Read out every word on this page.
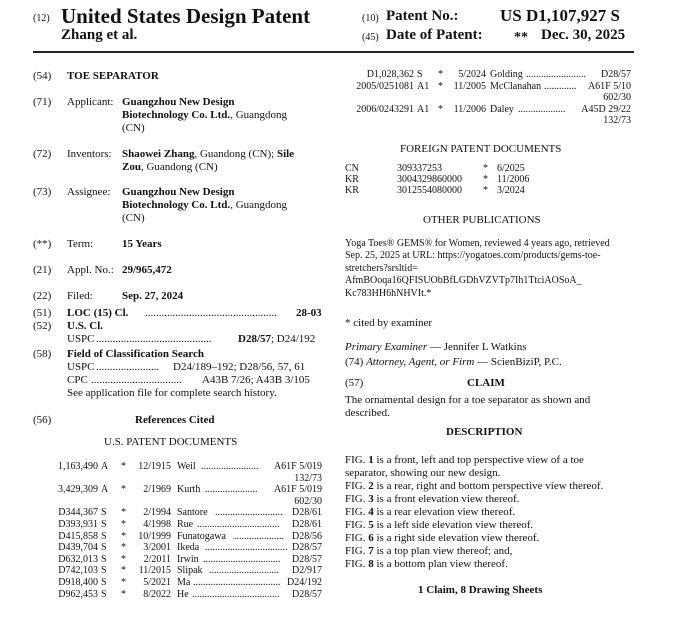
(12) United States Design Patent
Zhang et al.
(10) Patent No.: US D1,107,927 S
(45) Date of Patent: ** Dec. 30, 2025
(54) TOE SEPARATOR
(71) Applicant: Guangzhou New Design
Biotechnology Co. Ltd., Guangdong
(CN)
(72) Inventors: Shaowei Zhang, Guandong (CN); Sile
Zou, Guandong (CN)
(73) Assignee: Guangzhou New Design
Biotechnology Co. Ltd., Guangdong
(CN)
(**) Term:	15 Years
(21) Appl. No.: 29/965,472
(22) Filed:	Sep. 27, 2024
(51) LOC (15) Cl. ................................................	28-03
(52) U.S. Cl.
USPC ..........................................	D28/57; D24/192
(58) Field of Classification Search
USPC .......................	D24/189–192; D28/56, 57, 61
CPC .................................	A43B 7/26; A43B 3/105
See application file for complete search history.
(56)	References Cited
U.S. PATENT DOCUMENTS
1,163,490 A * 12/1915 Weil	A61F 5/019
.......................
132/73
3,429,309 A * 2/1969 Kurth	A61F 5/019
.....................
602/30
D344,367 S * 2/1994 Santore	D28/61
...........................
D393,931 S * 4/1998 Rue	D28/61
.................................
D415,858 S * 10/1999 Funatogawa	D28/56
....................
D439,704 S * 3/2001 Ikeda	D28/57
.................................
D632,013 S * 2/2011 Irwin	D28/57
...............................
D742,103 S * 11/2015 Slipak	D2/917
............................
D918,400 S * 5/2021 Ma	D24/192
...................................
D962,453 S * 8/2022 He	D28/57
...................................
D1,028,362 S * 5/2024 Golding	D28/57
........................
2005/0251081 A1 * 11/2005 McClanahan	A61F 5/10
.............
602/30
2006/0243291 A1 * 11/2006 Daley	A45D 29/22
...................
132/73
FOREIGN PATENT DOCUMENTS
CN	309337253	* 6/2025
KR	3004329860000 * 11/2006
KR	3012554080000 * 3/2024
OTHER PUBLICATIONS
Yoga Toes® GEMS® for Women, reviewed 4 years ago, retrieved
Sep. 25, 2025 at URL: https://yogatoes.com/products/gems-toe-
stretchers?srsltid=
AfmBOoqa16QFISUObBfLGDhVZVTp7Ih1TtciAOSoA_
Kc783HH6hNHVIt.*
* cited by examiner
Primary Examiner — Jennifer L Watkins
(74) Attorney, Agent, or Firm — ScienBiziP, P.C.
(57)	CLAIM
The ornamental design for a toe separator as shown and
described.
DESCRIPTION
FIG. 1 is a front, left and top perspective view of a toe
separator, showing our new design.
FIG. 2 is a rear, right and bottom perspective view thereof.
FIG. 3 is a front elevation view thereof.
FIG. 4 is a rear elevation view thereof.
FIG. 5 is a left side elevation view thereof.
FIG. 6 is a right side elevation view thereof.
FIG. 7 is a top plan view thereof; and,
FIG. 8 is a bottom plan view thereof.
1 Claim, 8 Drawing Sheets
